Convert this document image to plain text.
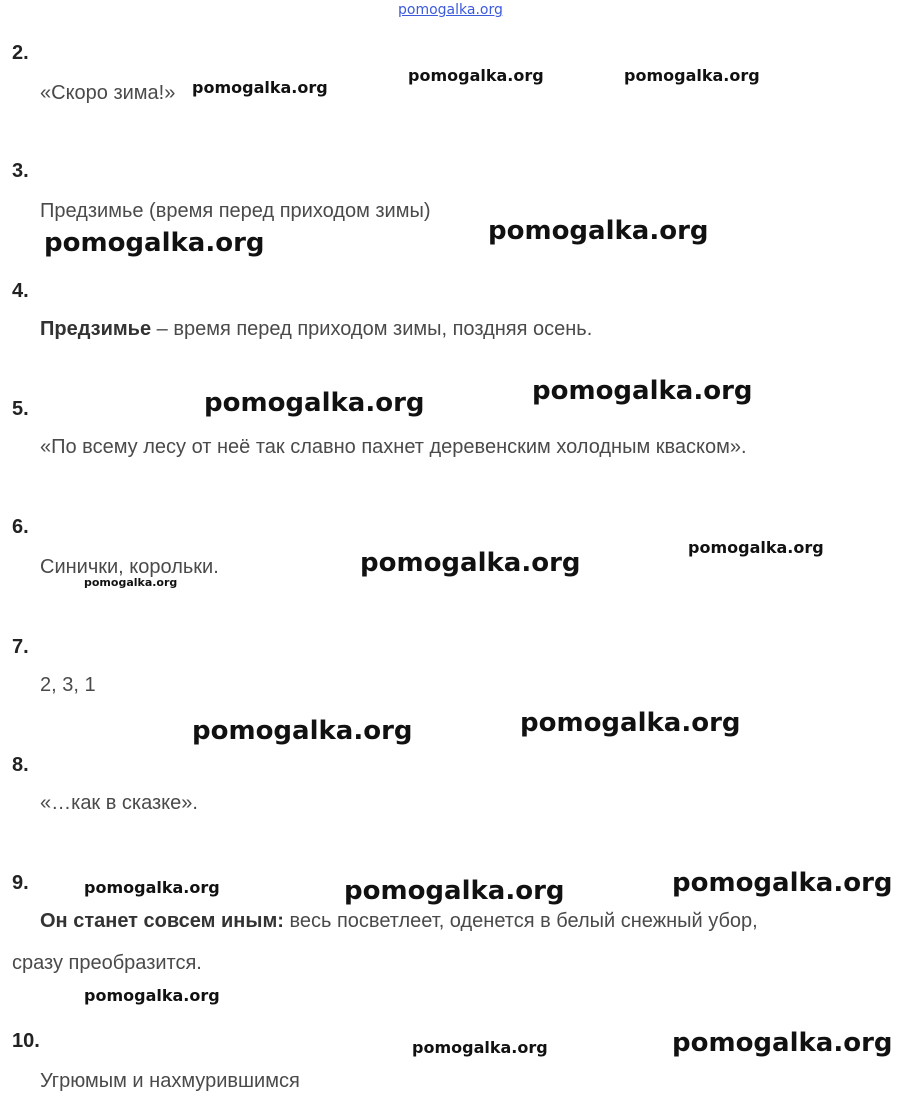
pomogalka.org
2.
«Скоро зима!»
3.
Предзимье (время перед приходом зимы)
4.
Предзимье – время перед приходом зимы, поздняя осень.
5.
«По всему лесу от неё так славно пахнет деревенским холодным кваском».
6.
Синички, корольки.
7.
2, 3, 1
8.
«…как в сказке».
9.
Он станет совсем иным: весь посветлеет, оденется в белый снежный убор,
сразу преобразится.
10.
Угрюмым и нахмурившимся
pomogalka.org
pomogalka.org	pomogalka.org
pomogalka.org	pomogalka.org
pomogalka.org
pomogalka.org
pomogalka.org
pomogalka.org
pomogalka.org
pomogalka.org
pomogalka.org
pomogalka.org	pomogalka.org	pomogalka.org
pomogalka.org
pomogalka.org	pomogalka.org
